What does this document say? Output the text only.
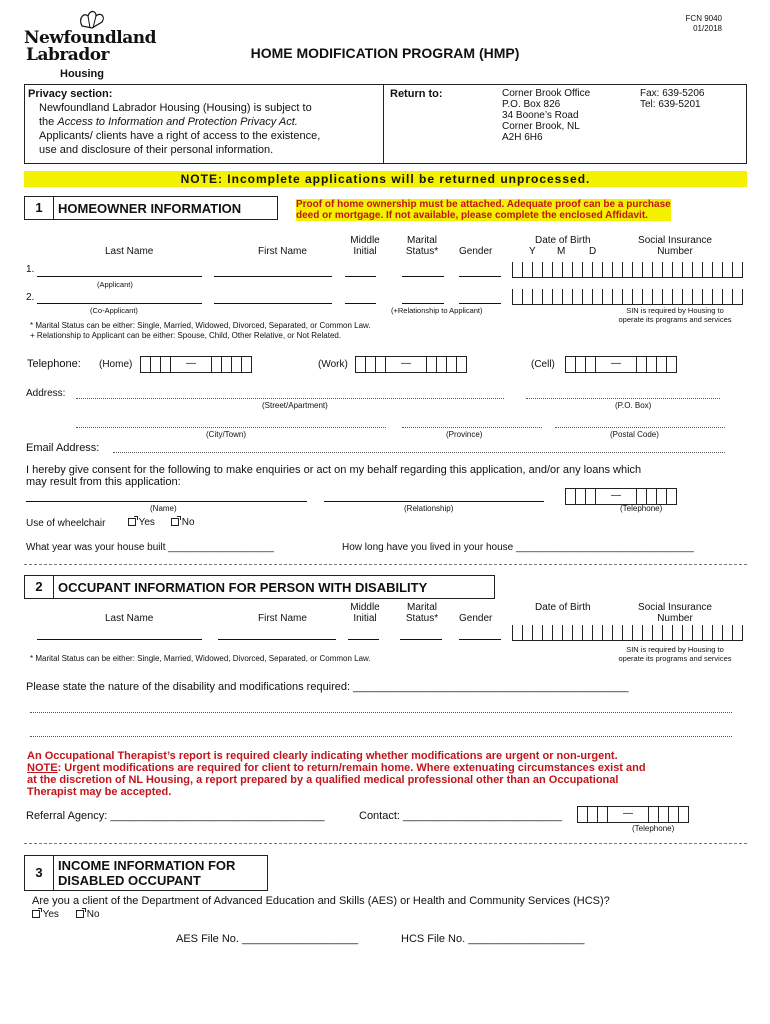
Newfoundland
Labrador
Housing
FCN 9040
01/2018
HOME MODIFICATION PROGRAM (HMP)
Privacy section:
Newfoundland Labrador Housing (Housing) is subject to
the Access to Information and Protection Privacy Act.
Applicants/ clients have a right of access to the existence,
use and disclosure of their personal information.
Return to:	Corner Brook Office
P.O. Box 826
34 Boone’s Road
Corner Brook, NL
A2H 6H6
Fax: 639-5206
Tel: 639-5201
NOTE: Incomplete applications will be returned unprocessed.
1	HOMEOWNER INFORMATION	Proof of home ownership must be attached. Adequate proof can be a purchase
deed or mortgage. If not available, please complete the enclosed Affidavit.
Last Name	First Name
Middle
Initial
Marital
Status*	Gender
Date of Birth
Y M D
Social Insurance
Number
1.
(Applicant)
2.
(Co-Applicant)	(+Relationship to Applicant)	SIN is required by Housing to
operate its programs and services
* Marital Status can be either: Single, Married, Widowed, Divorced, Separated, or Common Law.
+ Relationship to Applicant can be either: Spouse, Child, Other Relative, or Not Related.
Telephone: (Home)	—	(Work)	—	(Cell)	—
Address:
(Street/Apartment)	(P.O. Box)
(City/Town)	(Province)	(Postal Code)
Email Address:
I hereby give consent for the following to make enquiries or act on my behalf regarding this application, and/or any loans which
may result from this application:
—
(Name)	(Relationship)	(Telephone)
Use of wheelchair	Yes	No
What year was your house built ___________________	How long have you lived in your house ________________________________
2	OCCUPANT INFORMATION FOR PERSON WITH DISABILITY
Last Name	First Name
Middle
Initial
Marital
Status*	Gender
Date of Birth	Social Insurance
Number
* Marital Status can be either: Single, Married, Widowed, Divorced, Separated, or Common Law.
SIN is required by Housing to
operate its programs and services
Please state the nature of the disability and modifications required: _____________________________________________
An Occupational Therapist’s report is required clearly indicating whether modifications are urgent or non-urgent.
NOTE: Urgent modifications are required for client to return/remain home. Where extenuating circumstances exist and
at the discretion of NL Housing, a report prepared by a qualified medical professional other than an Occupational
Therapist may be accepted.
Referral Agency: ___________________________________	Contact: __________________________	—
(Telephone)
3	INCOME INFORMATION FOR
DISABLED OCCUPANT
Are you a client of the Department of Advanced Education and Skills (AES) or Health and Community Services (HCS)?
Yes	No
AES File No. ___________________	HCS File No. ___________________
